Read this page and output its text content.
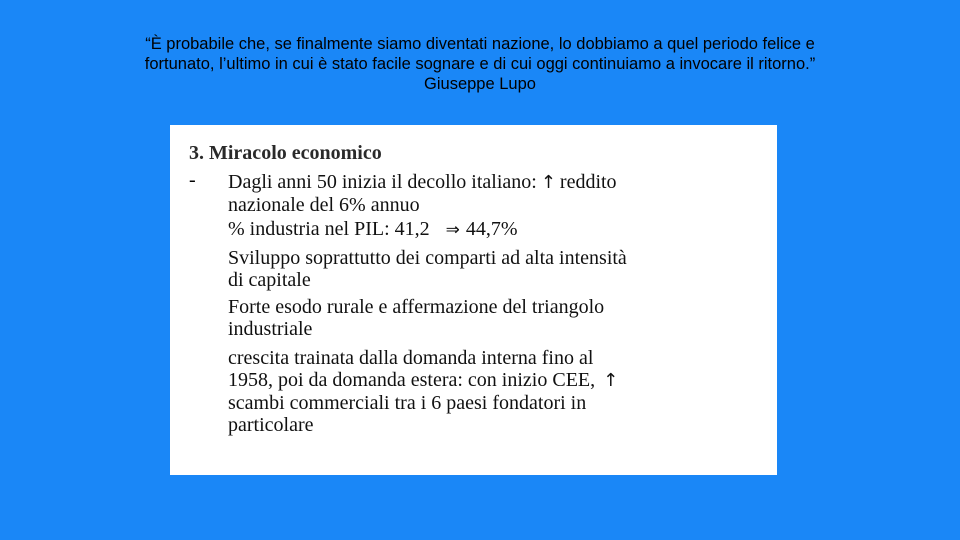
“È probabile che, se finalmente siamo diventati nazione, lo dobbiamo a quel periodo felice e
fortunato, l’ultimo in cui è stato facile sognare e di cui oggi continuiamo a invocare il ritorno.”
Giuseppe Lupo
3. Miracolo economico
- Dagli anni 50 inizia il decollo italiano: ↑ reddito
nazionale del 6% annuo
% industria nel PIL: 41,2 ⇒ 44,7%
Sviluppo soprattutto dei comparti ad alta intensità
di capitale
Forte esodo rurale e affermazione del triangolo
industriale
crescita trainata dalla domanda interna fino al
1958, poi da domanda estera: con inizio CEE, ↑
scambi commerciali tra i 6 paesi fondatori in
particolare
